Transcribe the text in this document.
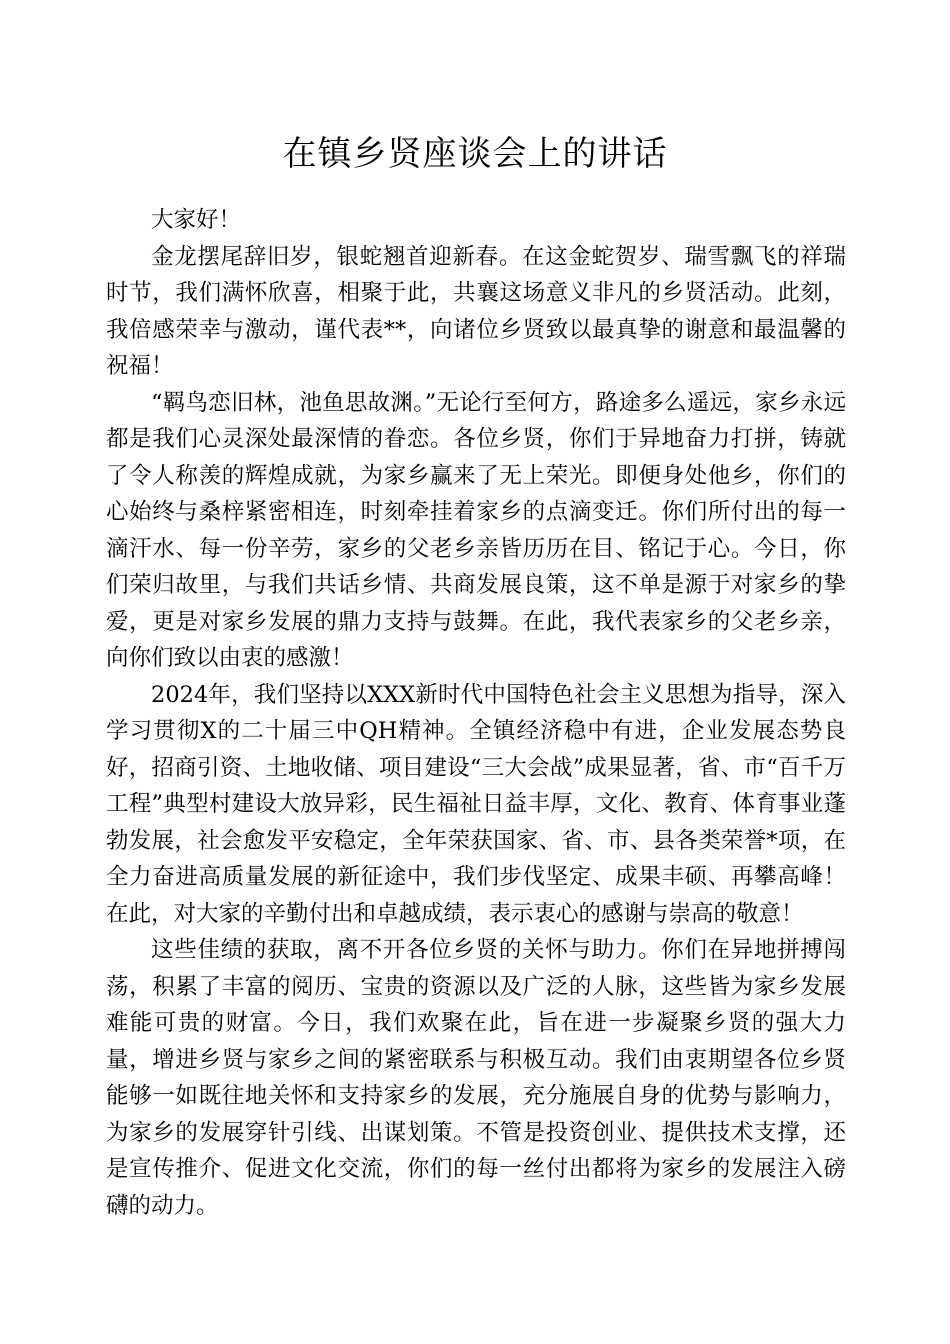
在镇乡贤座谈会上的讲话

大家好！

金龙摆尾辞旧岁，银蛇翘首迎新春。在这金蛇贺岁、瑞雪飘飞的祥瑞时节，我们满怀欣喜，相聚于此，共襄这场意义非凡的乡贤活动。此刻，我倍感荣幸与激动，谨代表**，向诸位乡贤致以最真挚的谢意和最温馨的祝福！

“羁鸟恋旧林，池鱼思故渊。”无论行至何方，路途多么遥远，家乡永远都是我们心灵深处最深情的眷恋。各位乡贤，你们于异地奋力打拼，铸就了令人称羡的辉煌成就，为家乡赢来了无上荣光。即便身处他乡，你们的心始终与桑梓紧密相连，时刻牵挂着家乡的点滴变迁。你们所付出的每一滴汗水、每一份辛劳，家乡的父老乡亲皆历历在目、铭记于心。今日，你们荣归故里，与我们共话乡情、共商发展良策，这不单是源于对家乡的挚爱，更是对家乡发展的鼎力支持与鼓舞。在此，我代表家乡的父老乡亲，向你们致以由衷的感激！

2024年，我们坚持以XXX新时代中国特色社会主义思想为指导，深入学习贯彻X的二十届三中QH精神。全镇经济稳中有进，企业发展态势良好，招商引资、土地收储、项目建设“三大会战”成果显著，省、市“百千万工程”典型村建设大放异彩，民生福祉日益丰厚，文化、教育、体育事业蓬勃发展，社会愈发平安稳定，全年荣获国家、省、市、县各类荣誉*项，在全力奋进高质量发展的新征途中，我们步伐坚定、成果丰硕、再攀高峰！在此，对大家的辛勤付出和卓越成绩，表示衷心的感谢与崇高的敬意！

这些佳绩的获取，离不开各位乡贤的关怀与助力。你们在异地拼搏闯荡，积累了丰富的阅历、宝贵的资源以及广泛的人脉，这些皆为家乡发展难能可贵的财富。今日，我们欢聚在此，旨在进一步凝聚乡贤的强大力量，增进乡贤与家乡之间的紧密联系与积极互动。我们由衷期望各位乡贤能够一如既往地关怀和支持家乡的发展，充分施展自身的优势与影响力，为家乡的发展穿针引线、出谋划策。不管是投资创业、提供技术支撑，还是宣传推介、促进文化交流，你们的每一丝付出都将为家乡的发展注入磅礴的动力。
